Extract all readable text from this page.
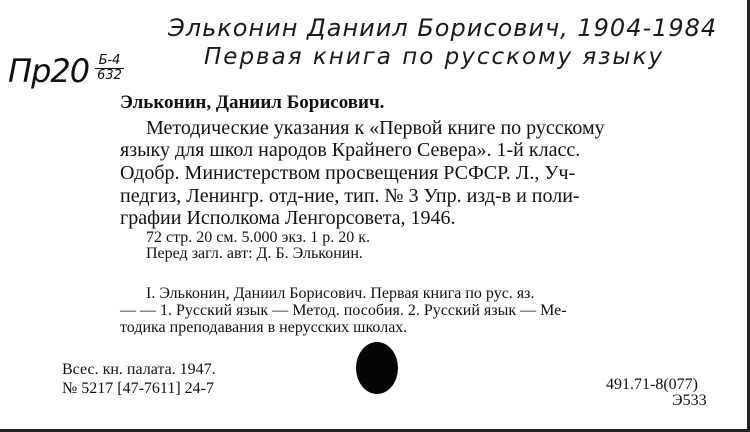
Эльконин Даниил Борисович, 1904-1984
Первая книга по русскому языку
$Пр20 \frac{Б-4}{632}$
Эльконин, Даниил Борисович.
Методические указания к «Первой книге по русскому
языку для школ народов Крайнего Севера». 1-й класс.
Одобр. Министерством просвещения РСФСР. Л., Уч-
педгиз, Ленингр. отд-ние, тип. № 3 Упр. изд-в и поли-
графии Исполкома Ленгорсовета, 1946.
72 стр. 20 см. 5.000 экз. 1 р. 20 к.
Перед загл. авт: Д. Б. Эльконин.
I. Эльконин, Даниил Борисович. Первая книга по рус. яз.
— — 1. Русский язык — Метод. пособия. 2. Русский язык — Ме-
тодика преподавания в нерусских школах.
Всес. кн. палата. 1947.
№ 5217 [47-7611] 24-7	491.71-8(077)
Э533
